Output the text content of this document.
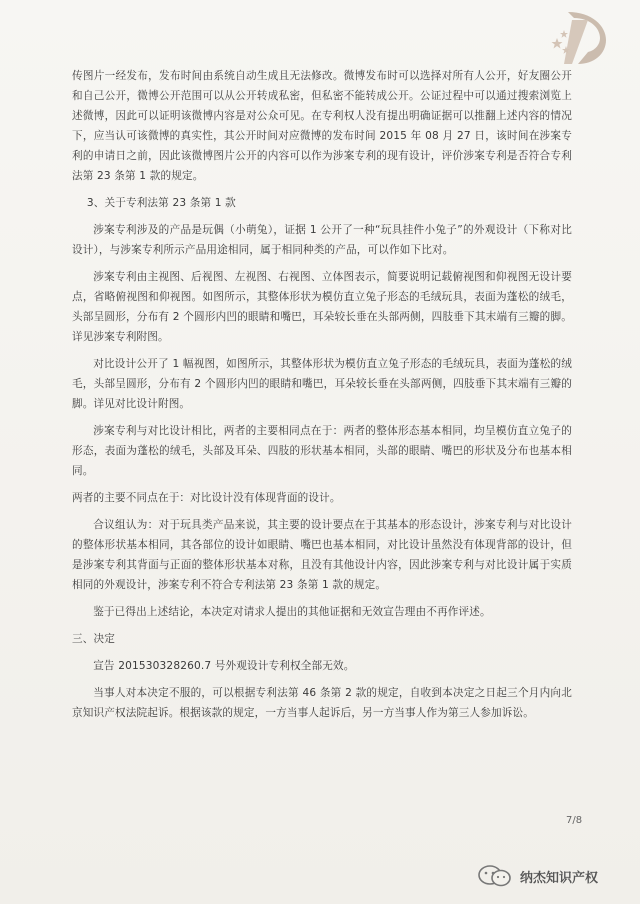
传图片一经发布，发布时间由系统自动生成且无法修改。微博发布时可以选择对所有人公开，好友圈公开和自己公开，微博公开范围可以从公开转成私密，但私密不能转成公开。公证过程中可以通过搜索浏览上述微博，因此可以证明该微博内容是对公众可见。在专利权人没有提出明确证据可以推翻上述内容的情况下，应当认可该微博的真实性，其公开时间对应微博的发布时间 2015 年 08 月 27 日，该时间在涉案专利的申请日之前，因此该微博图片公开的内容可以作为涉案专利的现有设计，评价涉案专利是否符合专利法第 23 条第 1 款的规定。

3、关于专利法第 23 条第 1 款

涉案专利涉及的产品是玩偶（小萌兔），证据 1 公开了一种“玩具挂件小兔子”的外观设计（下称对比设计），与涉案专利所示产品用途相同，属于相同种类的产品，可以作如下比对。

涉案专利由主视图、后视图、左视图、右视图、立体图表示，简要说明记载俯视图和仰视图无设计要点，省略俯视图和仰视图。如图所示，其整体形状为模仿直立兔子形态的毛绒玩具，表面为蓬松的绒毛，头部呈圆形，分布有 2 个圆形内凹的眼睛和嘴巴，耳朵较长垂在头部两侧，四肢垂下其末端有三瓣的脚。详见涉案专利附图。

对比设计公开了 1 幅视图，如图所示，其整体形状为模仿直立兔子形态的毛绒玩具，表面为蓬松的绒毛，头部呈圆形，分布有 2 个圆形内凹的眼睛和嘴巴，耳朵较长垂在头部两侧，四肢垂下其末端有三瓣的脚。详见对比设计附图。

涉案专利与对比设计相比，两者的主要相同点在于：两者的整体形态基本相同，均呈模仿直立兔子的形态，表面为蓬松的绒毛，头部及耳朵、四肢的形状基本相同，头部的眼睛、嘴巴的形状及分布也基本相同。

两者的主要不同点在于：对比设计没有体现背面的设计。

合议组认为：对于玩具类产品来说，其主要的设计要点在于其基本的形态设计，涉案专利与对比设计的整体形状基本相同，其各部位的设计如眼睛、嘴巴也基本相同，对比设计虽然没有体现背部的设计，但是涉案专利其背面与正面的整体形状基本对称，且没有其他设计内容，因此涉案专利与对比设计属于实质相同的外观设计，涉案专利不符合专利法第 23 条第 1 款的规定。

鉴于已得出上述结论，本决定对请求人提出的其他证据和无效宣告理由不再作评述。

三、决定

宣告 201530328260.7 号外观设计专利权全部无效。

当事人对本决定不服的，可以根据专利法第 46 条第 2 款的规定，自收到本决定之日起三个月内向北京知识产权法院起诉。根据该款的规定，一方当事人起诉后，另一方当事人作为第三人参加诉讼。

7/8
纳杰知识产权
